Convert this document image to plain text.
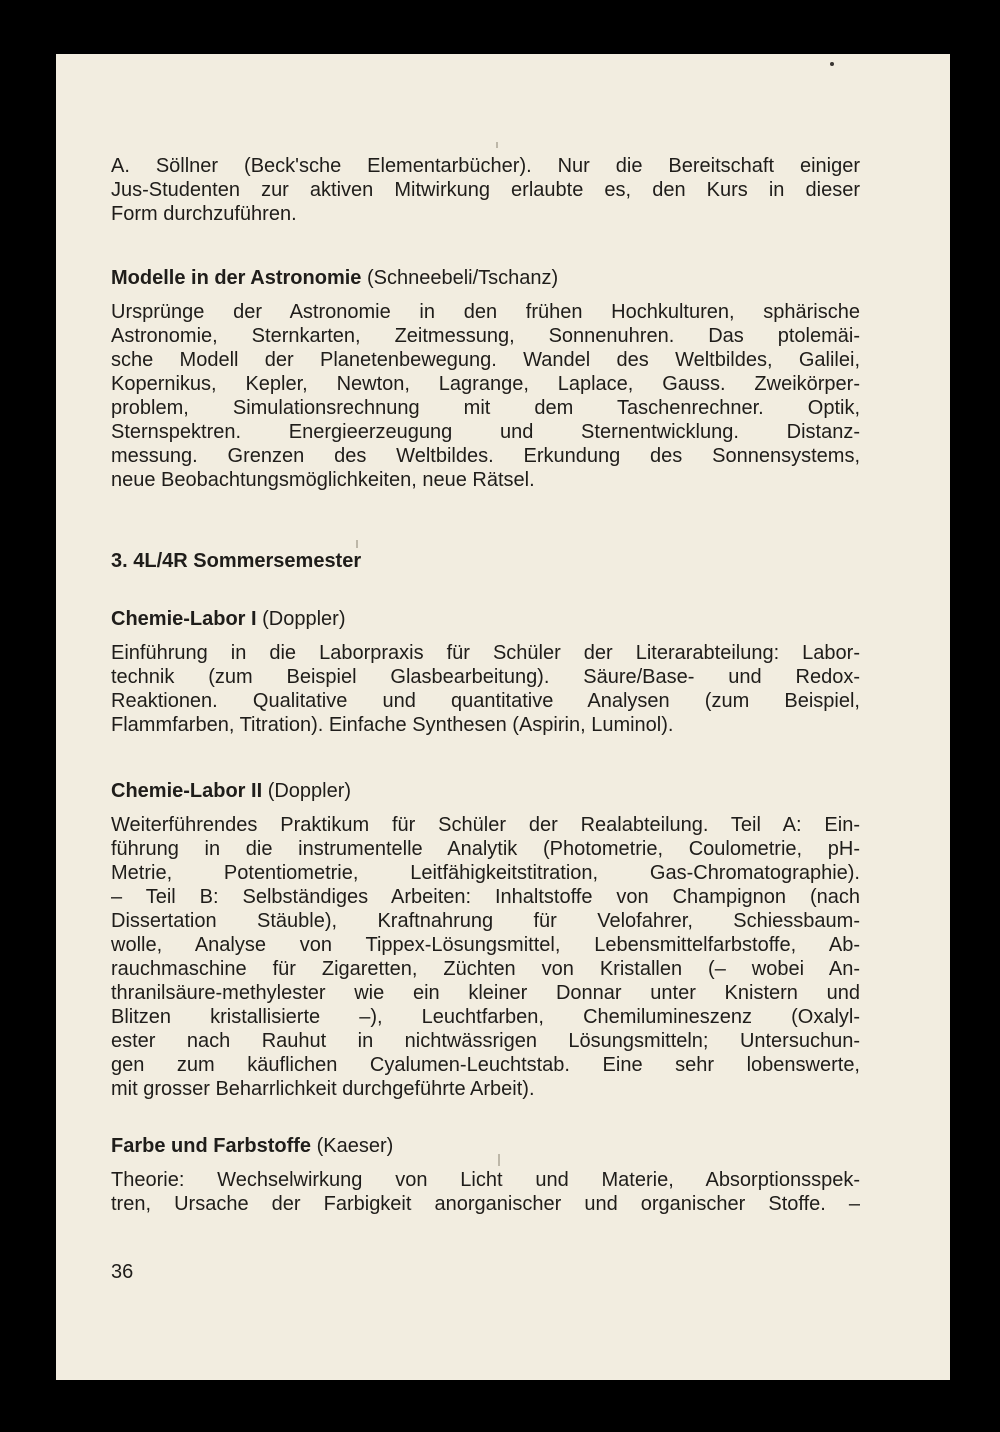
A. Söllner (Beck'sche Elementarbücher). Nur die Bereitschaft einiger
Jus-Studenten zur aktiven Mitwirkung erlaubte es, den Kurs in dieser
Form durchzuführen.

Modelle in der Astronomie (Schneebeli/Tschanz)

Ursprünge der Astronomie in den frühen Hochkulturen, sphärische
Astronomie, Sternkarten, Zeitmessung, Sonnenuhren. Das ptolemäi-
sche Modell der Planetenbewegung. Wandel des Weltbildes, Galilei,
Kopernikus, Kepler, Newton, Lagrange, Laplace, Gauss. Zweikörper-
problem, Simulationsrechnung mit dem Taschenrechner. Optik,
Sternspektren. Energieerzeugung und Sternentwicklung. Distanz-
messung. Grenzen des Weltbildes. Erkundung des Sonnensystems,
neue Beobachtungsmöglichkeiten, neue Rätsel.

3. 4L/4R Sommersemester

Chemie-Labor I (Doppler)

Einführung in die Laborpraxis für Schüler der Literarabteilung: Labor-
technik (zum Beispiel Glasbearbeitung). Säure/Base- und Redox-
Reaktionen. Qualitative und quantitative Analysen (zum Beispiel,
Flammfarben, Titration). Einfache Synthesen (Aspirin, Luminol).

Chemie-Labor II (Doppler)

Weiterführendes Praktikum für Schüler der Realabteilung. Teil A: Ein-
führung in die instrumentelle Analytik (Photometrie, Coulometrie, pH-
Metrie, Potentiometrie, Leitfähigkeitstitration, Gas-Chromatographie).
– Teil B: Selbständiges Arbeiten: Inhaltstoffe von Champignon (nach
Dissertation Stäuble), Kraftnahrung für Velofahrer, Schiessbaum-
wolle, Analyse von Tippex-Lösungsmittel, Lebensmittelfarbstoffe, Ab-
rauchmaschine für Zigaretten, Züchten von Kristallen (– wobei An-
thranilsäure-methylester wie ein kleiner Donnar unter Knistern und
Blitzen kristallisierte –), Leuchtfarben, Chemilumineszenz (Oxalyl-
ester nach Rauhut in nichtwässrigen Lösungsmitteln; Untersuchun-
gen zum käuflichen Cyalumen-Leuchtstab. Eine sehr lobenswerte,
mit grosser Beharrlichkeit durchgeführte Arbeit).

Farbe und Farbstoffe (Kaeser)

Theorie: Wechselwirkung von Licht und Materie, Absorptionsspek-
tren, Ursache der Farbigkeit anorganischer und organischer Stoffe. –

36
